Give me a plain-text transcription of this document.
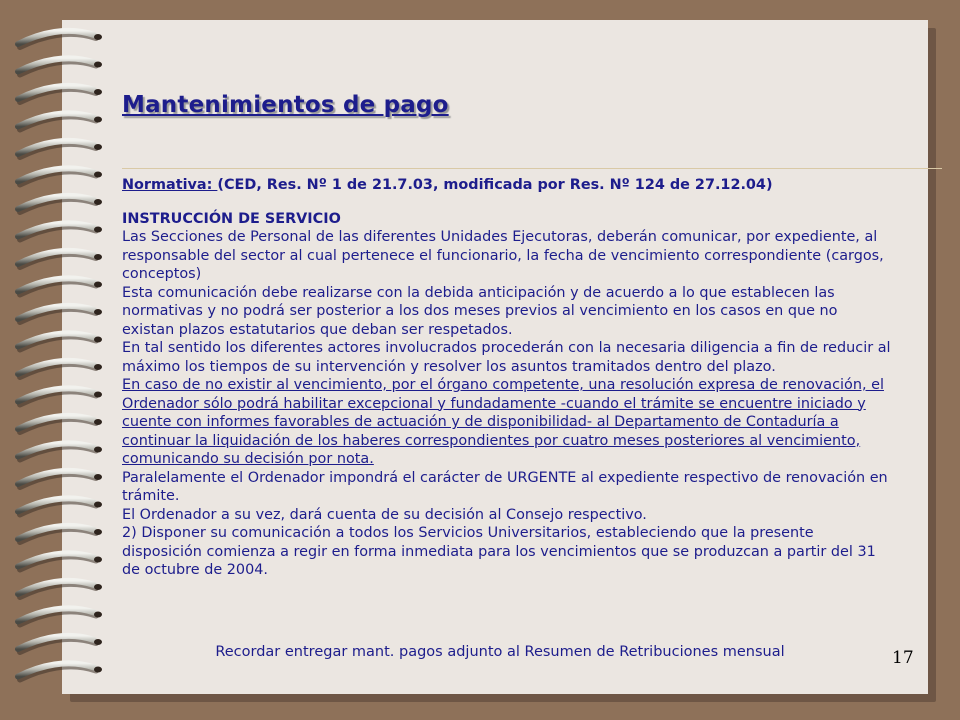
Mantenimientos de pago

Normativa: (CED, Res. Nº 1 de 21.7.03, modificada por Res. Nº 124 de 27.12.04)

INSTRUCCIÓN DE SERVICIO

Las Secciones de Personal de las diferentes Unidades Ejecutoras, deberán comunicar, por expediente, al responsable del sector al cual pertenece el funcionario, la fecha de vencimiento correspondiente (cargos, conceptos)

Esta comunicación debe realizarse con la debida anticipación y de acuerdo a lo que establecen las normativas y no podrá ser posterior a los dos meses previos al vencimiento en los casos en que no existan plazos estatutarios que deban ser respetados.

En tal sentido los diferentes actores involucrados procederán con la necesaria diligencia a fin de reducir al máximo los tiempos de su intervención y resolver los asuntos tramitados dentro del plazo.

En caso de no existir al vencimiento, por el órgano competente, una resolución expresa de renovación, el Ordenador sólo podrá habilitar excepcional y fundadamente -cuando el trámite se encuentre iniciado y cuente con informes favorables de actuación y de disponibilidad- al Departamento de Contaduría a continuar la liquidación de los haberes correspondientes por cuatro meses posteriores al vencimiento, comunicando su decisión por nota.

Paralelamente el Ordenador impondrá el carácter de URGENTE al expediente respectivo de renovación en trámite.

El Ordenador a su vez, dará cuenta de su decisión al Consejo respectivo.

2) Disponer su comunicación a todos los Servicios Universitarios, estableciendo que la presente disposición comienza a regir en forma inmediata para los vencimientos que se produzcan a partir del 31 de octubre de 2004.

Recordar entregar mant. pagos adjunto al Resumen de Retribuciones mensual	17
